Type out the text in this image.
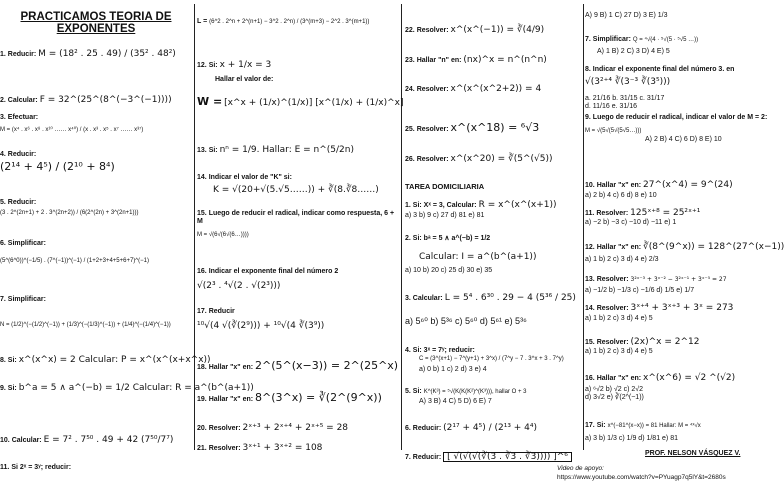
PRACTICAMOS TEORIA DE
EXPONENTES
1. Reducir: M = (18² . 25 . 49) / (35² . 48²)
2. Calcular: F = 32^(25^(8^(−3^(−1))))
3. Efectuar:
M = (x⁴ . x⁶ . x⁸ . x¹⁰ …… x⁴⁰) / (x . x³ . x⁵ . x⁷ …… x³⁷)
4. Reducir:
(2¹⁴ + 4⁵) / (2¹⁰ + 8⁴)
5. Reducir:
(3 . 2^(2n+1) + 2 . 3^(2n+2)) / (6(2^(2n) + 3^(2n+1)))
6. Simplificar:
(5^(6^0))^(−1/5) . (7^(−1))^(−1) / (1+2+3+4+5+6+7)^(−1)
7. Simplificar:
N = (1/2)^(−(1/2)^(−1)) + (1/3)^(−(1/3)^(−1)) + (1/4)^(−(1/4)^(−1))
8. Si: x^(x^x) = 2 Calcular: P = x^(x^(x+x^x))
9. Si: b^a = 5 ∧ a^(−b) = 1/2 Calcular: R = a^(b^(a+1))
10. Calcular: E = 7² . 7⁵⁰ . 49 + 42 (7⁵⁰/7⁷)
11. Si 2ˣ = 3ʸ; reducir:
L = (6^2 . 2^n + 2^(n+1) − 3^2 . 2^n) / (3^(m+3) − 2^2 . 3^(m+1))
12. Si: x + 1/x = 3
Hallar el valor de:
W = [x^x + (1/x)^(1/x)] [x^(1/x) + (1/x)^x]
13. Si: nⁿ = 1/9. Hallar: E = n^(5/2n)
14. Indicar el valor de "K" si:
K = √(20+√(5.√5……)) + ∛(8.∛8……)
15. Luego de reducir el radical, indicar como respuesta, 6 + M
M = √(6√(6√(6…))))
16. Indicar el exponente final del número 2
√(2³ . ⁴√(2 . √(2³)))
17. Reducir
¹⁰√(4 √(∛(2⁹))) + ¹⁰√(4 ∛(3⁹))
18. Hallar "x" en: 2^(5^(x−3)) = 2^(25^x)
19. Hallar "x" en: 8^(3^x) = ∛(2^(9^x))
20. Resolver: 2ˣ⁺³ + 2ˣ⁺⁴ + 2ˣ⁺⁵ = 28
21. Resolver: 3ˣ⁺¹ + 3ˣ⁺² = 108
22. Resolver: x^(x^(−1)) = ∛(4/9)
23. Hallar "n" en: (nx)^x = n^(n^n)
24. Resolver: x^(x^(x^2+2)) = 4
25. Resolver: x^(x^18) = ⁶√3
26. Resolver: x^(x^20) = ∛(5^(√5))
TAREA DOMICILIARIA
1. Si: Xˣ = 3, Calcular: R = x^(x^(x+1))
a) 3 b) 9 c) 27 d) 81 e) 81
2. Si: bᵃ = 5 ∧ a^(−b) = 1/2
Calcular: I = a^(b^(a+1))
a) 10 b) 20 c) 25 d) 30 e) 35
3. Calcular: L = 5⁴ . 6³⁰ . 29 − 4 (5³⁶ / 25)
a) 5⁶⁰ b) 5³⁶ c) 5⁶⁰ d) 5⁶¹ e) 5³⁶
4. Si: 3ˣ = 7ʸ; reducir:
C = (3^(x+1) − 7^(y+1) + 3^x) / (7^y − 7 . 3^x + 3 . 7^y)
a) 0 b) 1 c) 2 d) 3 e) 4
5. Si: K^(K³) = ⁵√(K(K(K²)^(K³))), hallar O + 3
A) 3 B) 4 C) 5 D) 6 E) 7
6. Reducir: (2¹⁷ + 4⁵) / (2¹³ + 4⁴)
7. Reducir: [ √(√(√(∛(3 . ∛3 . ∛3)))) ]^⁶
A) 9 B) 1 C) 27 D) 3 E) 1/3
7. Simplificar: Q = ⁴√(4 · ⁵√(5 · ⁵√5 …))
A) 1 B) 2 C) 3 D) 4 E) 5
8. Indicar el exponente final del número 3. en
√(3²⁺⁴ ∛(3⁻³ ∛(3⁵)))
a. 21/16 b. 31/15 c. 31/17
d. 11/16 e. 31/16
9. Luego de reducir el radical, indicar el valor de M = 2:
M = √(5√(5√(5√5…)))
A) 2 B) 4 C) 6 D) 8 E) 10
10. Hallar "x" en: 27^(x^4) = 9^(24)
a) 2 b) 4 c) 6 d) 8 e) 10
11. Resolver: 125ˣ⁺⁸ = 25²ˣ⁺¹
a) −2 b) −3 c) −10 d) −11 e) 1
12. Hallar "x" en: ∛(8^(9^x)) = 128^(27^(x−1))
a) 1 b) 2 c) 3 d) 4 e) 2/3
13. Resolver: 3²ˣ⁻³ + 3ˣ⁻² − 3²ˣ⁻¹ + 3ˣ⁻⁵ = 27
a) −1/2 b) −1/3 c) −1/6 d) 1/5 e) 1/7
14. Resolver: 3ˣ⁺⁴ + 3ˣ⁺³ + 3ˣ = 273
a) 1 b) 2 c) 3 d) 4 e) 5
15. Resolver: (2x)^x = 2^12
a) 1 b) 2 c) 3 d) 4 e) 5
16. Hallar "x" en: x^(x^6) = √2 ^(√2)
a) ⁶√2 b) √2 c) 2√2
d) 3√2 e) ∛(2^(−1))
17. Si: x^(−81^(x−x)) = 81 Hallar: M = ⁴ˣ√x
a) 3 b) 1/3 c) 1/9 d) 1/81 e) 81
PROF. NELSON VÁSQUEZ V.
Video de apoyo:
https://www.youtube.com/watch?v=PYuagp7q5lY&t=2680s
